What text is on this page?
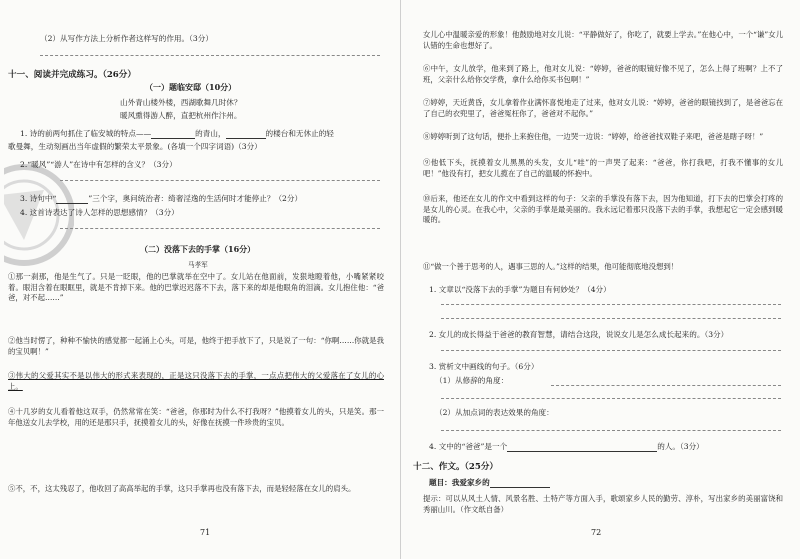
（2）从写作方法上分析作者这样写的作用。（3分）
十一、阅读并完成练习。（26分）
（一）题临安邸（10分）
山外青山楼外楼，西湖歌舞几时休？
暖风熏得游人醉，直把杭州作汴州。
1. 诗的前两句抓住了临安城的特点——	的青山，	的楼台和无休止的轻
歌曼舞，生动刻画出当年虚假的繁荣太平景象。(各填一个四字词语)（3分）
2.“暖风”“游人”在诗中有怎样的含义？（3分）
3. 诗句中“	”三个字，奥问统治者：绮奢淫逸的生活何时才能停止？（2分）
4. 这首诗表达了诗人怎样的思想感情？（3分）
（二）没落下去的手掌（16分）
马孝军
①那一刹那，他是生气了。只是一眨眼，他的巴掌就举在空中了。女儿站在他面前，发狠地瞪着他，小嘴紧紧咬着。眼泪含着在眼眶里，就是不肯掉下来。他的巴掌迟迟落不下去，落下来的却是他眼角的泪滴。女儿抱住他：“爸爸，对不起……”
②他当时愣了，种种不愉快的感觉都一起涌上心头，可是，他终于把手放下了，只是说了一句：“你啊……你就是我的宝贝啊！”
③伟大的父爱其实不是以伟大的形式来表现的，正是这只没落下去的手掌，一点点把伟大的父爱落在了女儿的心上。
④十几岁的女儿看着他这双手，仍然常常在笑：“爸爸，你那时为什么不打我呀？”他摸着女儿的头，只是笑。那一年他送女儿去学校，用的还是那只手，抚摸着女儿的头，好像在抚摸一件珍贵的宝贝。
⑤不，不，这太残忍了，他收回了高高举起的手掌，这只手掌再也没有落下去，而是轻轻落在女儿的肩头。
71
女儿心中温暖亲爱的形象！他鼓励地对女儿说：“平静做好了，你吃了，就要上学去。”在他心中，一个“谦”女儿认错的生命也想好了。
⑥中午，女儿放学，他来到了路上，他对女儿说：“婷婷，爸爸的眼镜好像不见了，怎么上得了班啊？上不了班，父亲什么给你交学费，拿什么给你买书包啊！”
⑦婷婷，天近黄昏，女儿拿着作业满怀喜悦地走了过来，他对女儿说：“婷婷，爸爸的眼镜找到了，是爸爸忘在了自己的衣兜里了，爸爸冤枉你了，爸爸对不起你。”
⑧婷婷听到了这句话，便扑上来抱住他，一边哭一边说：“婷婷，给爸爸找双鞋子来吧，爸爸是瞎子呀！”
⑨他低下头，抚摸着女儿黑黑的头发，女儿“哇”的一声哭了起来：“爸爸，你打我吧，打我不懂事的女儿吧！”他没有打，把女儿揽在了自己的温暖的怀抱中。
⑩后来，他还在女儿的作文中看到这样的句子：父亲的手掌没有落下去，因为他知道，打下去的巴掌会打疼的是女儿的心灵。在我心中，父亲的手掌是最美丽的。我永远记着那只没落下去的手掌，我想起它一定会感到暖暖的。
⑪“做一个善于思考的人，遇事三思的人。”这样的结果，他可能彻底地没想到！
1. 文章以“没落下去的手掌”为题目有何妙处？（4分）
2. 女儿的成长得益于爸爸的教育智慧，请结合这段，说说女儿是怎么成长起来的。（3分）
3. 赏析文中画线的句子。（6分）
（1）从修辞的角度：
（2）从加点词的表达效果的角度：
4. 文中的“爸爸”是一个	的人。（3分）
十二、作文。（25分）
题目：我爱家乡的
提示：可以从风土人情、风景名胜、土特产等方面入手，歌颂家乡人民的勤劳、淳朴，写出家乡的美丽富饶和秀丽山川。（作文纸自备）
72
